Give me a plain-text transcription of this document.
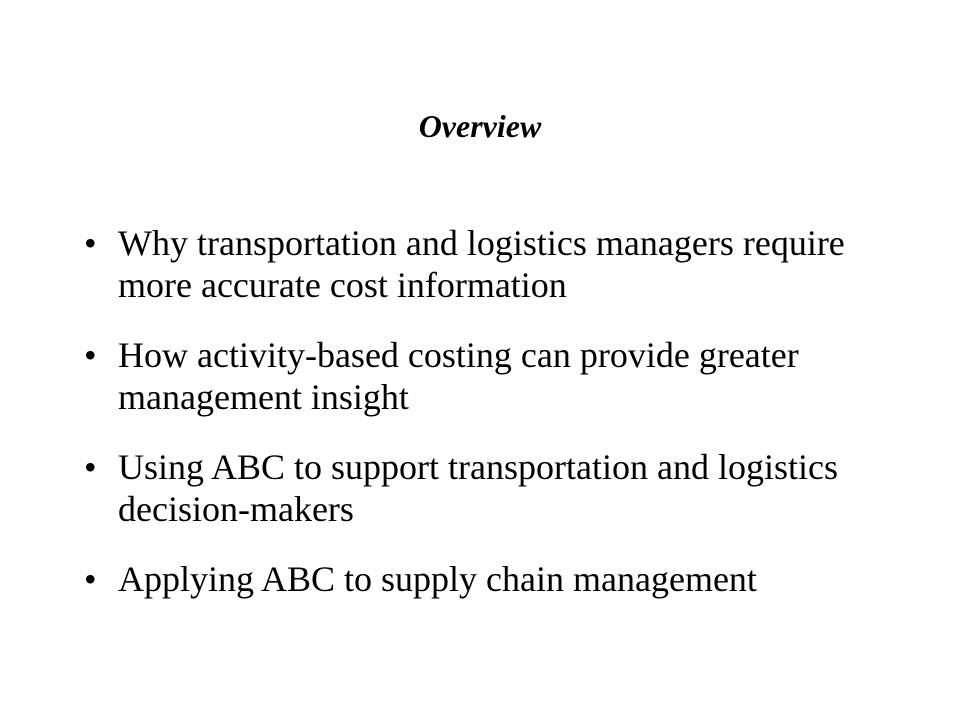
Overview
• Why transportation and logistics managers require more accurate cost information
• How activity-based costing can provide greater management insight
• Using ABC to support transportation and logistics decision-makers
• Applying ABC to supply chain management
